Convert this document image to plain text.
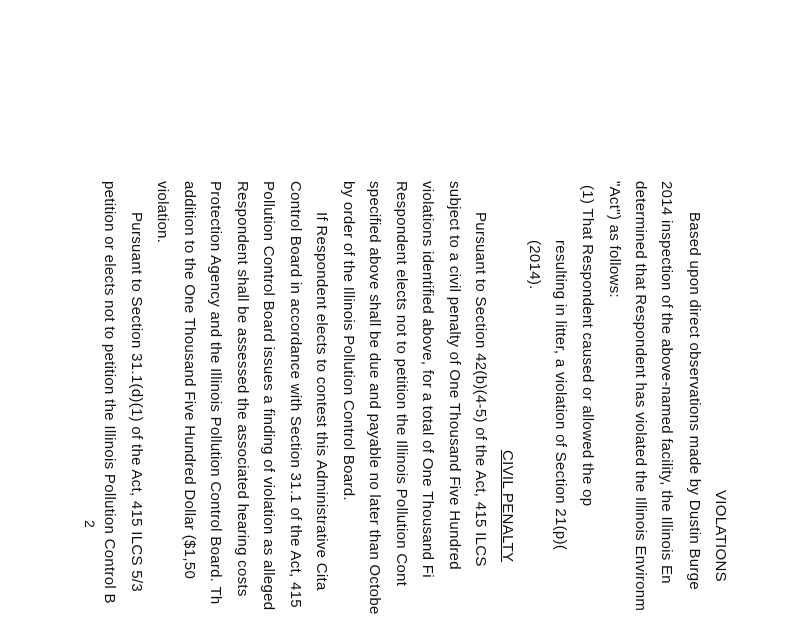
VIOLATIONS
Based upon direct observations made by Dustin Burge
2014 inspection of the above-named facility, the Illinois En
determined that Respondent has violated the Illinois Environm
"Act") as follows:
(1) That Respondent caused or allowed the op
resulting in litter, a violation of Section 21(p)(
(2014).
CIVIL PENALTY
Pursuant to Section 42(b)(4-5) of the Act, 415 ILCS
subject to a civil penalty of One Thousand Five Hundred
violations identified above, for a total of One Thousand Fi
Respondent elects not to petition the Illinois Pollution Cont
specified above shall be due and payable no later than Octobe
by order of the Illinois Pollution Control Board.
If Respondent elects to contest this Administrative Cita
Control Board in accordance with Section 31.1 of the Act, 415
Pollution Control Board issues a finding of violation as alleged
Respondent shall be assessed the associated hearing costs
Protection Agency and the Illinois Pollution Control Board. Th
addition to the One Thousand Five Hundred Dollar ($1,50
violation.
Pursuant to Section 31.1(d)(1) of the Act, 415 ILCS 5/3
petition or elects not to petition the Illinois Pollution Control B
2
